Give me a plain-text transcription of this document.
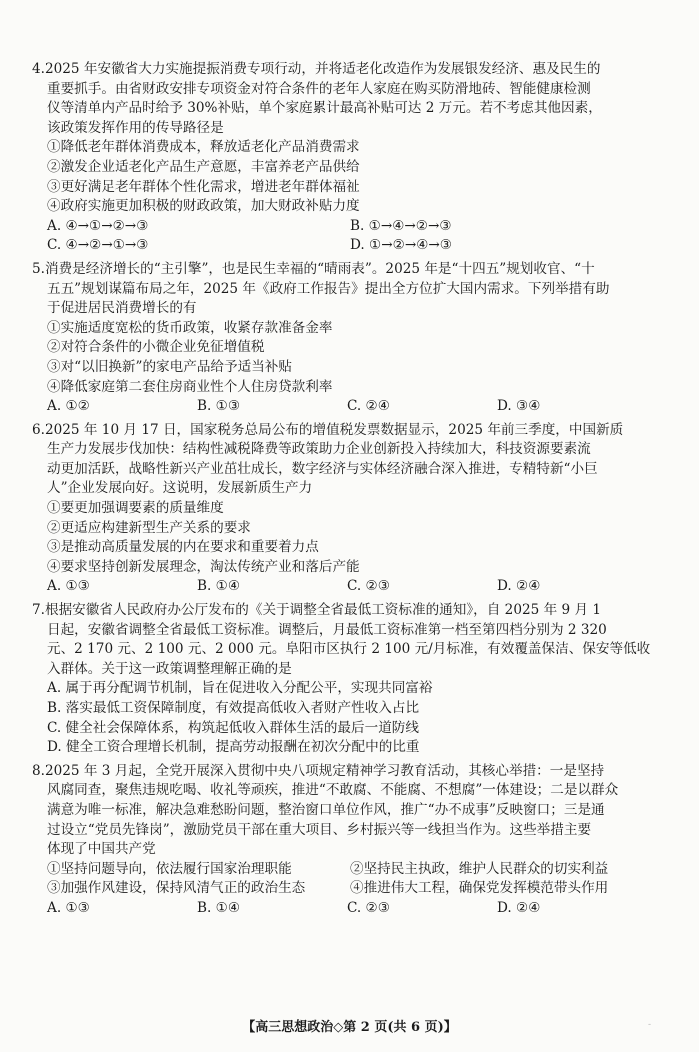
4.2025 年安徽省大力实施提振消费专项行动，并将适老化改造作为发展银发经济、惠及民生的
重要抓手。由省财政安排专项资金对符合条件的老年人家庭在购买防滑地砖、智能健康检测
仪等清单内产品时给予 30%补贴，单个家庭累计最高补贴可达 2 万元。若不考虑其他因素，
该政策发挥作用的传导路径是
①降低老年群体消费成本，释放适老化产品消费需求
②激发企业适老化产品生产意愿，丰富养老产品供给
③更好满足老年群体个性化需求，增进老年群体福祉
④政府实施更加积极的财政政策，加大财政补贴力度
A. ④→①→②→③	B. ①→④→②→③
C. ④→②→①→③	D. ①→②→④→③
5.消费是经济增长的“主引擎”，也是民生幸福的“晴雨表”。2025 年是“十四五”规划收官、“十
五五”规划谋篇布局之年，2025 年《政府工作报告》提出全方位扩大国内需求。下列举措有助
于促进居民消费增长的有
①实施适度宽松的货币政策，收紧存款准备金率
②对符合条件的小微企业免征增值税
③对“以旧换新”的家电产品给予适当补贴
④降低家庭第二套住房商业性个人住房贷款利率
A. ①②	B. ①③	C. ②④	D. ③④
6.2025 年 10 月 17 日，国家税务总局公布的增值税发票数据显示，2025 年前三季度，中国新质
生产力发展步伐加快：结构性减税降费等政策助力企业创新投入持续加大，科技资源要素流
动更加活跃，战略性新兴产业茁壮成长，数字经济与实体经济融合深入推进，专精特新“小巨
人”企业发展向好。这说明，发展新质生产力
①要更加强调要素的质量维度
②更适应构建新型生产关系的要求
③是推动高质量发展的内在要求和重要着力点
④要求坚持创新发展理念，淘汰传统产业和落后产能
A. ①③	B. ①④	C. ②③	D. ②④
7.根据安徽省人民政府办公厅发布的《关于调整全省最低工资标准的通知》，自 2025 年 9 月 1
日起，安徽省调整全省最低工资标准。调整后，月最低工资标准第一档至第四档分别为 2 320
元、2 170 元、2 100 元、2 000 元。阜阳市区执行 2 100 元/月标准，有效覆盖保洁、保安等低收
入群体。关于这一政策调整理解正确的是
A. 属于再分配调节机制，旨在促进收入分配公平，实现共同富裕
B. 落实最低工资保障制度，有效提高低收入者财产性收入占比
C. 健全社会保障体系，构筑起低收入群体生活的最后一道防线
D. 健全工资合理增长机制，提高劳动报酬在初次分配中的比重
8.2025 年 3 月起，全党开展深入贯彻中央八项规定精神学习教育活动，其核心举措：一是坚持
风腐同查，聚焦违规吃喝、收礼等顽疾，推进“不敢腐、不能腐、不想腐”一体建设；二是以群众
满意为唯一标准，解决急难愁盼问题，整治窗口单位作风，推广“办不成事”反映窗口；三是通
过设立“党员先锋岗”，激励党员干部在重大项目、乡村振兴等一线担当作为。这些举措主要
体现了中国共产党
①坚持问题导向，依法履行国家治理职能	②坚持民主执政，维护人民群众的切实利益
③加强作风建设，保持风清气正的政治生态	④推进伟大工程，确保党发挥模范带头作用
A. ①③	B. ①④	C. ②③	D. ②④
【高三思想政治◇第 2 页(共 6 页)】	-
